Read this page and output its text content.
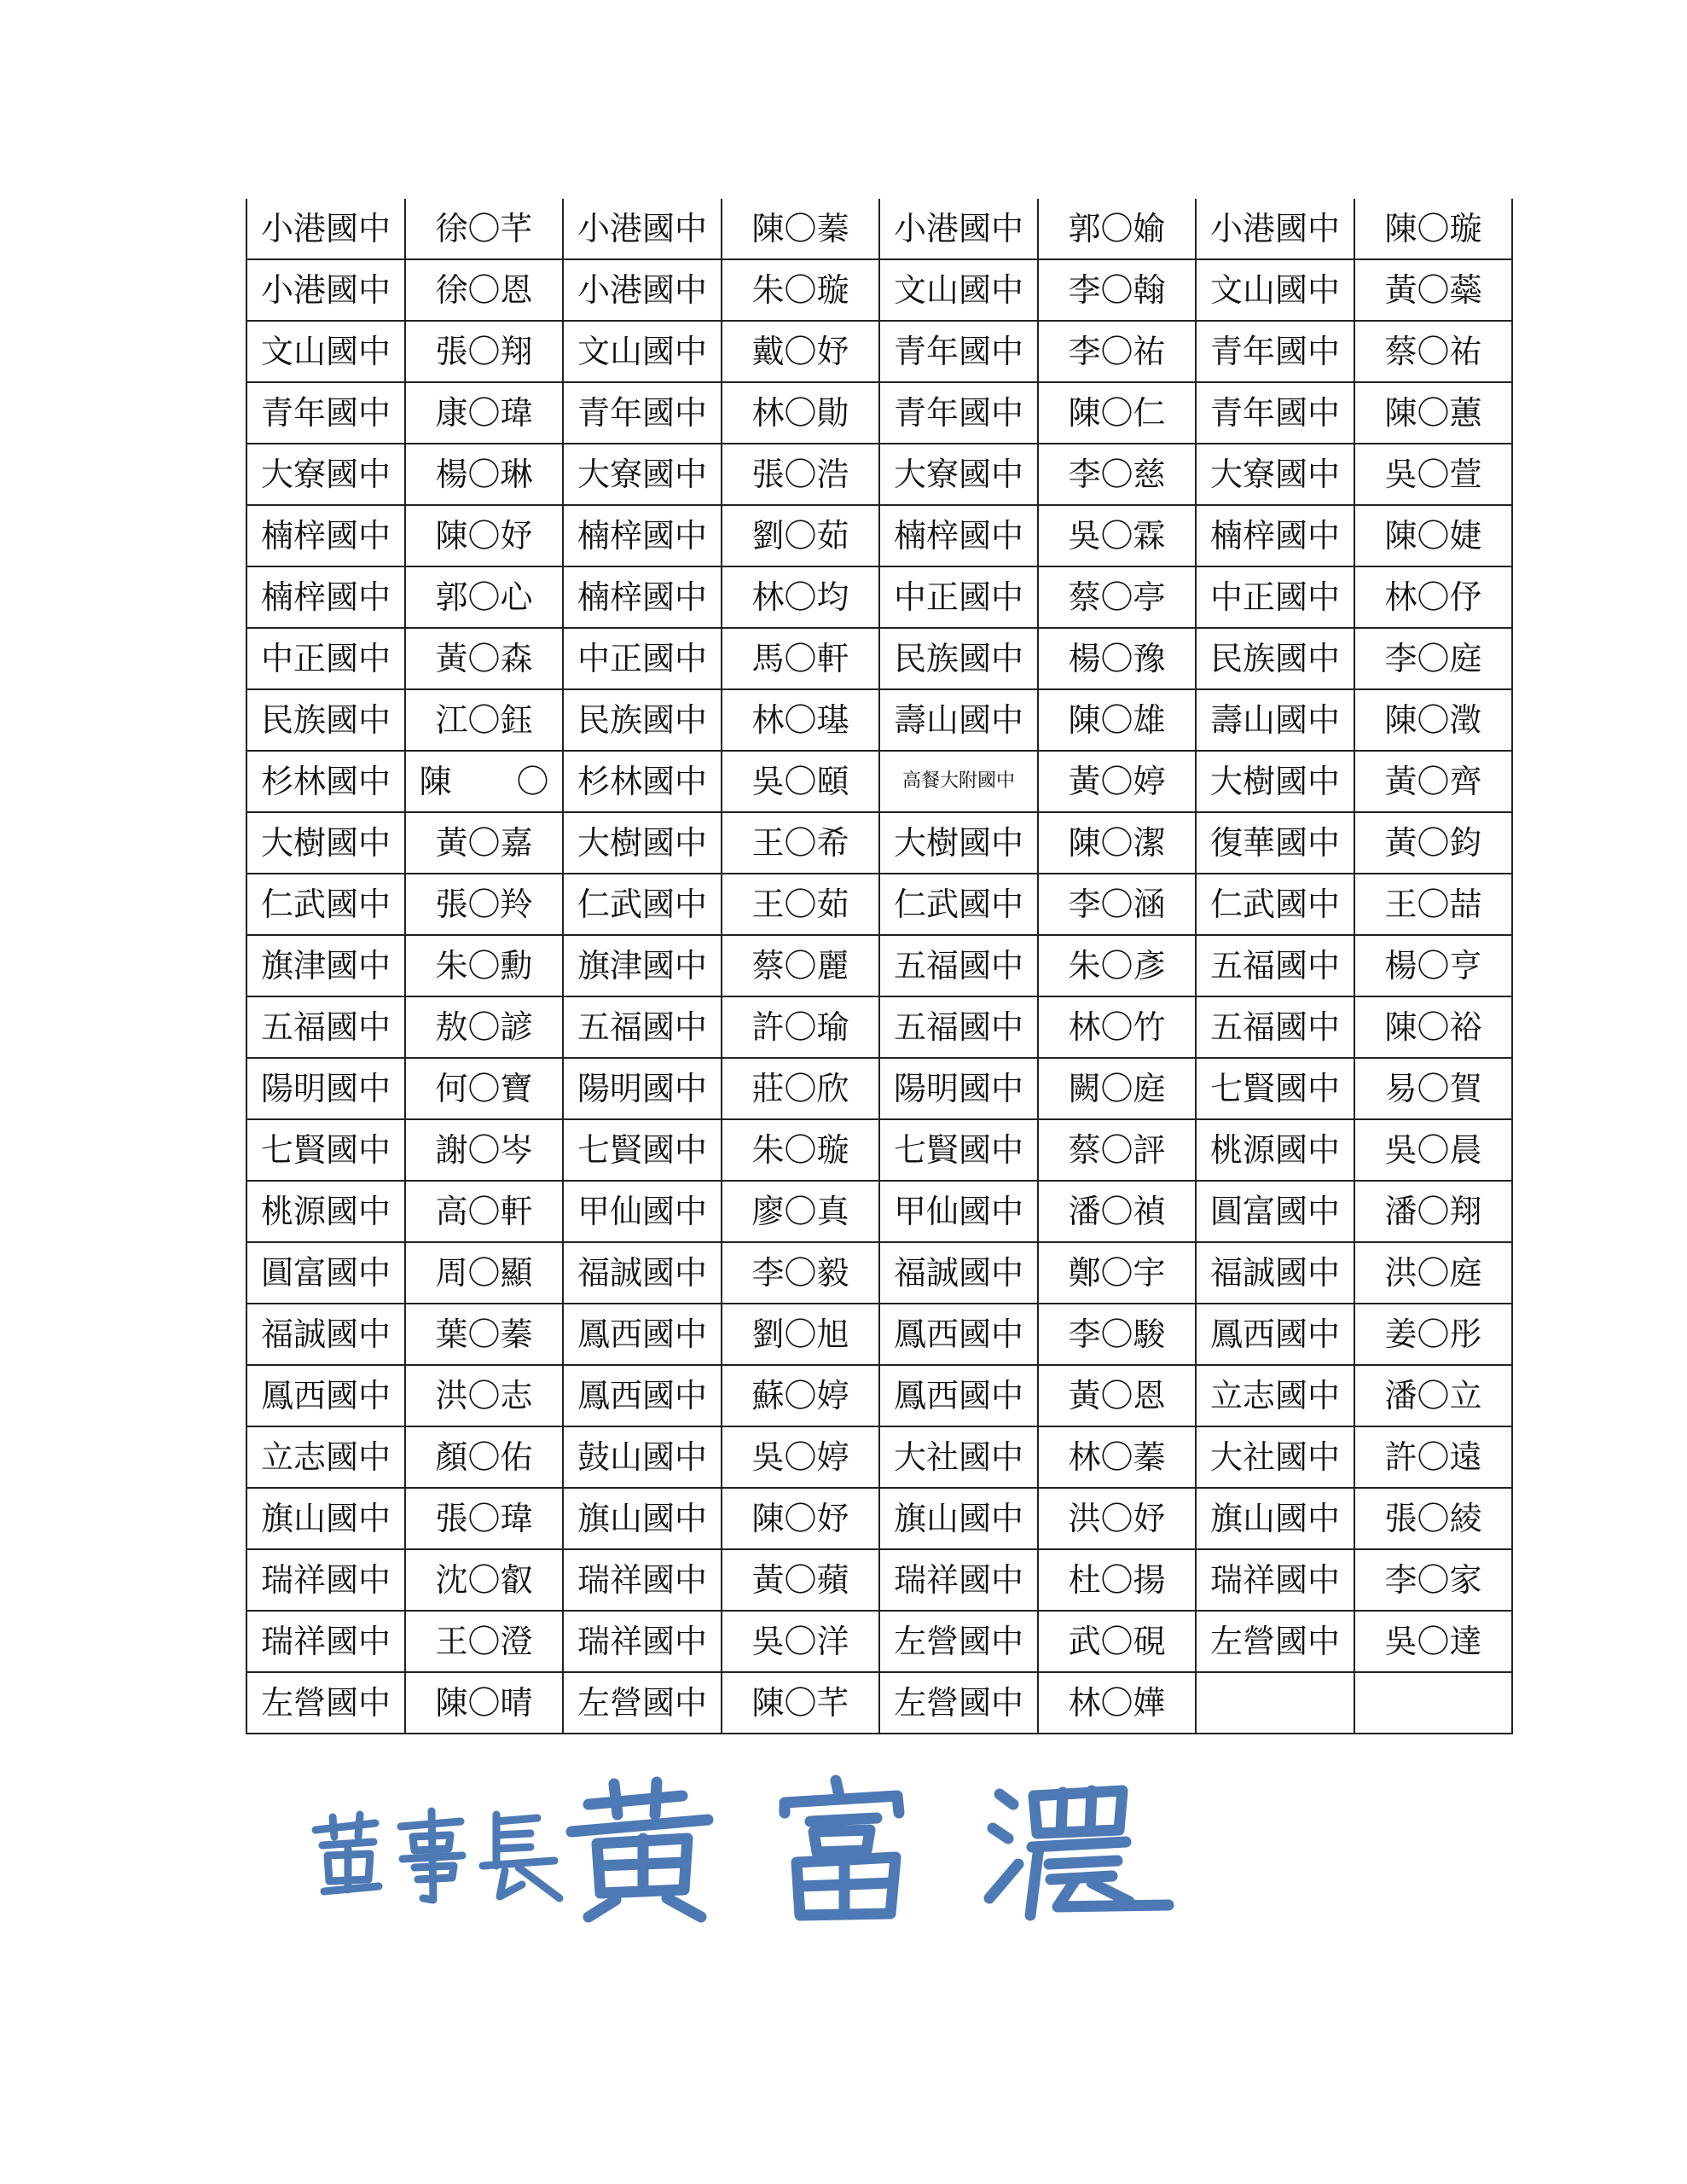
小港國中	徐〇芊	小港國中	陳〇蓁	小港國中	郭〇媮	小港國中	陳〇璇
小港國中	徐〇恩	小港國中	朱〇璇	文山國中	李〇翰	文山國中	黃〇蘂
文山國中	張〇翔	文山國中	戴〇妤	青年國中	李〇祐	青年國中	蔡〇祐
青年國中	康〇瑋	青年國中	林〇勛	青年國中	陳〇仁	青年國中	陳〇蕙
大寮國中	楊〇琳	大寮國中	張〇浩	大寮國中	李〇慈	大寮國中	吳〇萱
楠梓國中	陳〇妤	楠梓國中	劉〇茹	楠梓國中	吳〇霖	楠梓國中	陳〇婕
楠梓國中	郭〇心	楠梓國中	林〇均	中正國中	蔡〇亭	中正國中	林〇伃
中正國中	黃〇森	中正國中	馬〇軒	民族國中	楊〇豫	民族國中	李〇庭
民族國中	江〇鈺	民族國中	林〇璂	壽山國中	陳〇雄	壽山國中	陳〇澂
杉林國中	陳　　〇	杉林國中	吳〇頤	高餐大附國中	黃〇婷	大樹國中	黃〇齊
大樹國中	黃〇嘉	大樹國中	王〇希	大樹國中	陳〇潔	復華國中	黃〇鈞
仁武國中	張〇羚	仁武國中	王〇茹	仁武國中	李〇涵	仁武國中	王〇喆
旗津國中	朱〇勳	旗津國中	蔡〇麗	五福國中	朱〇彥	五福國中	楊〇亨
五福國中	敖〇諺	五福國中	許〇瑜	五福國中	林〇竹	五福國中	陳〇裕
陽明國中	何〇寶	陽明國中	莊〇欣	陽明國中	闕〇庭	七賢國中	易〇賀
七賢國中	謝〇岑	七賢國中	朱〇璇	七賢國中	蔡〇評	桃源國中	吳〇晨
桃源國中	高〇軒	甲仙國中	廖〇真	甲仙國中	潘〇禎	圓富國中	潘〇翔
圓富國中	周〇顯	福誠國中	李〇毅	福誠國中	鄭〇宇	福誠國中	洪〇庭
福誠國中	葉〇蓁	鳳西國中	劉〇旭	鳳西國中	李〇駿	鳳西國中	姜〇彤
鳳西國中	洪〇志	鳳西國中	蘇〇婷	鳳西國中	黃〇恩	立志國中	潘〇立
立志國中	顏〇佑	鼓山國中	吳〇婷	大社國中	林〇蓁	大社國中	許〇遠
旗山國中	張〇瑋	旗山國中	陳〇妤	旗山國中	洪〇妤	旗山國中	張〇綾
瑞祥國中	沈〇叡	瑞祥國中	黃〇蘋	瑞祥國中	杜〇揚	瑞祥國中	李〇家
瑞祥國中	王〇澄	瑞祥國中	吳〇洋	左營國中	武〇硯	左營國中	吳〇達
左營國中	陳〇晴	左營國中	陳〇芊	左營國中	林〇嬅		
